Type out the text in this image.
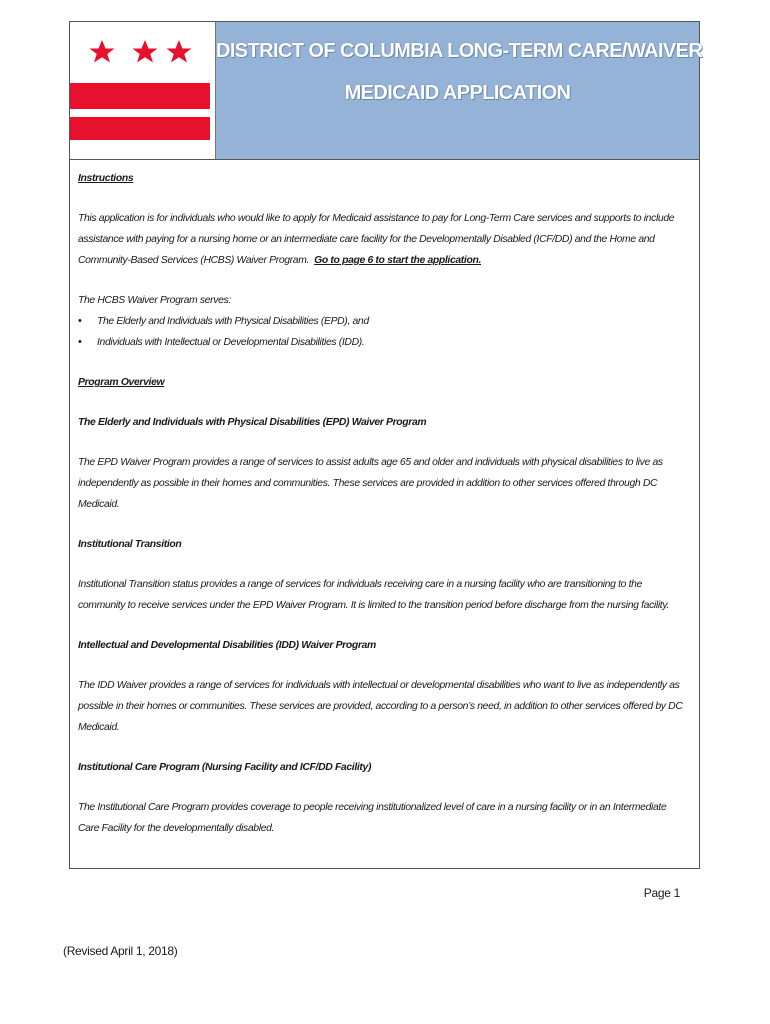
DISTRICT OF COLUMBIA LONG-TERM CARE/WAIVER
MEDICAID APPLICATION

Instructions

This application is for individuals who would like to apply for Medicaid assistance to pay for Long-Term Care services and supports to include assistance with paying for a nursing home or an intermediate care facility for the Developmentally Disabled (ICF/DD) and the Home and Community-Based Services (HCBS) Waiver Program. Go to page 6 to start the application.

The HCBS Waiver Program serves:

• The Elderly and Individuals with Physical Disabilities (EPD), and
• Individuals with Intellectual or Developmental Disabilities (IDD).

Program Overview

The Elderly and Individuals with Physical Disabilities (EPD) Waiver Program

The EPD Waiver Program provides a range of services to assist adults age 65 and older and individuals with physical disabilities to live as independently as possible in their homes and communities. These services are provided in addition to other services offered through DC Medicaid.

Institutional Transition

Institutional Transition status provides a range of services for individuals receiving care in a nursing facility who are transitioning to the community to receive services under the EPD Waiver Program. It is limited to the transition period before discharge from the nursing facility.

Intellectual and Developmental Disabilities (IDD) Waiver Program

The IDD Waiver provides a range of services for individuals with intellectual or developmental disabilities who want to live as independently as possible in their homes or communities. These services are provided, according to a person’s need, in addition to other services offered by DC Medicaid.

Institutional Care Program (Nursing Facility and ICF/DD Facility)

The Institutional Care Program provides coverage to people receiving institutionalized level of care in a nursing facility or in an Intermediate Care Facility for the developmentally disabled.

Page 1
(Revised April 1, 2018)
